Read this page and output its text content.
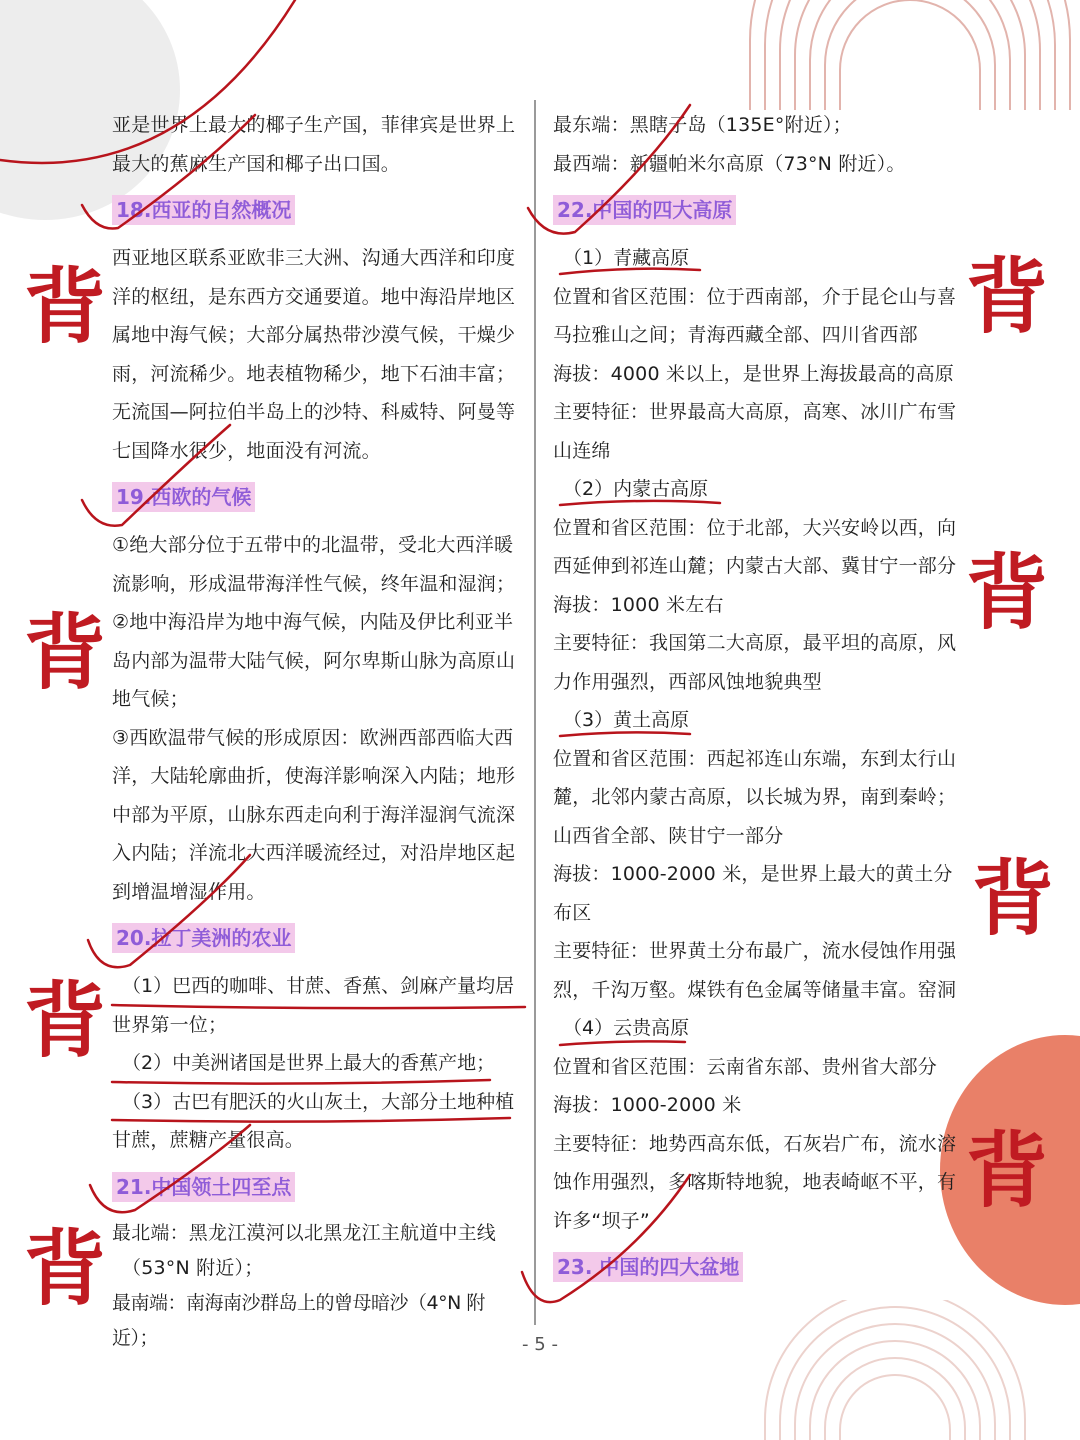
亚是世界上最大的椰子生产国，菲律宾是世界上

最大的蕉麻生产国和椰子出口国。

18.西亚的自然概况

西亚地区联系亚欧非三大洲、沟通大西洋和印度

洋的枢纽，是东西方交通要道。地中海沿岸地区

属地中海气候；大部分属热带沙漠气候，干燥少

雨，河流稀少。地表植物稀少，地下石油丰富；

无流国—阿拉伯半岛上的沙特、科威特、阿曼等

七国降水很少，地面没有河流。

19.西欧的气候

①绝大部分位于五带中的北温带，受北大西洋暖

流影响，形成温带海洋性气候，终年温和湿润；

②地中海沿岸为地中海气候，内陆及伊比利亚半

岛内部为温带大陆气候，阿尔卑斯山脉为高原山

地气候；

③西欧温带气候的形成原因：欧洲西部西临大西

洋，大陆轮廓曲折，使海洋影响深入内陆；地形

中部为平原，山脉东西走向利于海洋湿润气流深

入内陆；洋流北大西洋暖流经过，对沿岸地区起

到增温增湿作用。

20.拉丁美洲的农业

（1）巴西的咖啡、甘蔗、香蕉、剑麻产量均居

世界第一位；

（2）中美洲诸国是世界上最大的香蕉产地；

（3）古巴有肥沃的火山灰土，大部分土地种植

甘蔗，蔗糖产量很高。

21.中国领土四至点

最北端：黑龙江漠河以北黑龙江主航道中主线

（53°N 附近）；

最南端：南海南沙群岛上的曾母暗沙（4°N 附近）；

最东端：黑瞎子岛（135E°附近）；

最西端：新疆帕米尔高原（73°N 附近）。

22.中国的四大高原

（1）青藏高原

位置和省区范围：位于西南部，介于昆仑山与喜

马拉雅山之间；青海西藏全部、四川省西部

海拔：4000 米以上，是世界上海拔最高的高原

主要特征：世界最高大高原，高寒、冰川广布雪

山连绵

（2）内蒙古高原

位置和省区范围：位于北部，大兴安岭以西，向

西延伸到祁连山麓；内蒙古大部、冀甘宁一部分

海拔：1000 米左右

主要特征：我国第二大高原，最平坦的高原，风

力作用强烈，西部风蚀地貌典型

（3）黄土高原

位置和省区范围：西起祁连山东端，东到太行山

麓，北邻内蒙古高原，以长城为界，南到秦岭；

山西省全部、陕甘宁一部分

海拔：1000-2000 米，是世界上最大的黄土分

布区

主要特征：世界黄土分布最广，流水侵蚀作用强

烈，千沟万壑。煤铁有色金属等储量丰富。窑洞

（4）云贵高原

位置和省区范围：云南省东部、贵州省大部分

海拔：1000-2000 米

主要特征：地势西高东低，石灰岩广布，流水溶

蚀作用强烈，多喀斯特地貌，地表崎岖不平，有

许多“坝子”

23. 中国的四大盆地
背
背
背
背
背
背
背
背
- 5 -
